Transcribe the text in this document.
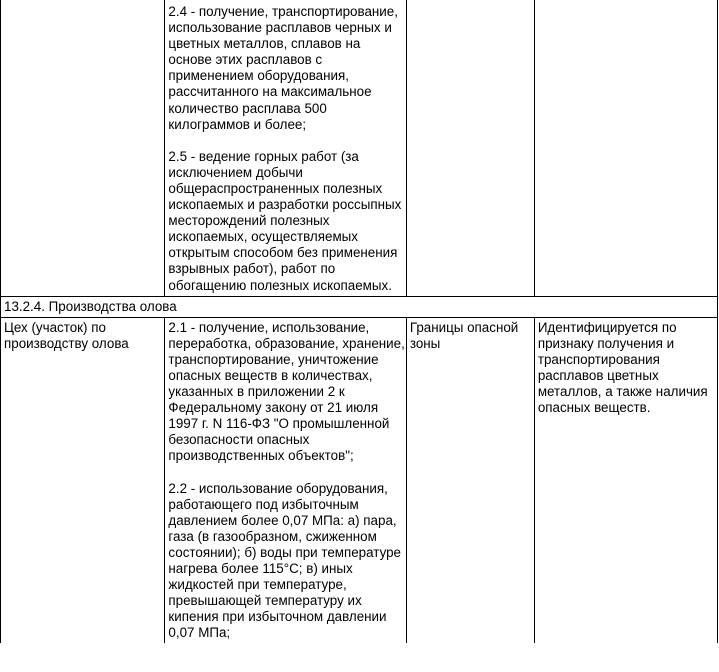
	2.4 - получение, транспортирование, использование расплавов черных и цветных металлов, сплавов на основе этих расплавов с применением оборудования, рассчитанного на максимальное количество расплава 500 килограммов и более;

2.5 - ведение горных работ (за исключением добычи общераспространенных полезных ископаемых и разработки россыпных месторождений полезных ископаемых, осуществляемых открытым способом без применения взрывных работ), работ по обогащению полезных ископаемых.		

13.2.4. Производства олова			
Цех (участок) по производству олова	2.1 - получение, использование, переработка, образование, хранение, транспортирование, уничтожение опасных веществ в количествах, указанных в приложении 2 к Федеральному закону от 21 июля 1997 г. N 116-ФЗ "О промышленной безопасности опасных производственных объектов";

2.2 - использование оборудования, работающего под избыточным давлением более 0,07 МПа: а) пара, газа (в газообразном, сжиженном состоянии); б) воды при температуре нагрева более 115°С; в) иных жидкостей при температуре, превышающей температуру их кипения при избыточном давлении 0,07 МПа;	Границы опасной зоны	Идентифицируется по признаку получения и транспортирования расплавов цветных металлов, а также наличия опасных веществ.
